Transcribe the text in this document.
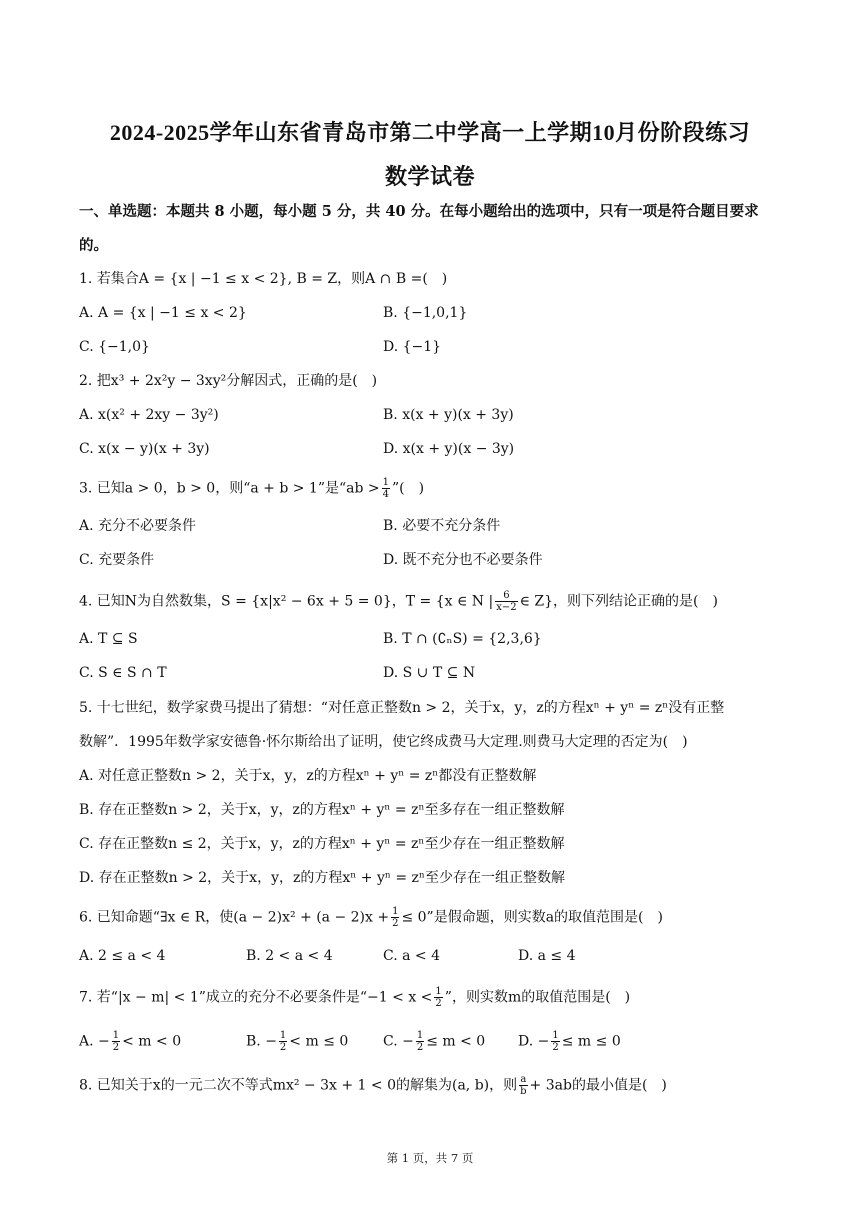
2024-2025学年山东省青岛市第二中学高一上学期10月份阶段练习
数学试卷
一、单选题：本题共 8 小题，每小题 5 分，共 40 分。在每小题给出的选项中，只有一项是符合题目要求
的。
1. 若集合A = {x | −1 ≤ x < 2}, B = Z，则A ∩ B =(　)
A. A = {x | −1 ≤ x < 2}	B. {−1,0,1}
C. {−1,0}	D. {−1}
2. 把x³ + 2x²y − 3xy²分解因式，正确的是(　)
A. x(x² + 2xy − 3y²)	B. x(x + y)(x + 3y)
C. x(x − y)(x + 3y)	D. x(x + y)(x − 3y)
3. 已知a > 0，b > 0，则“a + b > 1”是“ab > $\frac{1}{4}$ ”(　)
A. 充分不必要条件	B. 必要不充分条件
C. 充要条件	D. 既不充分也不必要条件
4. 已知N为自然数集，S = {x|x² − 6x + 5 = 0}，T = {x ∈ N | $\frac{6}{x-2}$ ∈ Z}，则下列结论正确的是(　)
A. T ⊆ S	B. T ∩ (∁ₙS) = {2,3,6}
C. S ∈ S ∩ T	D. S ∪ T ⊆ N
5. 十七世纪，数学家费马提出了猜想：“对任意正整数n > 2，关于x，y，z的方程xⁿ + yⁿ = zⁿ没有正整
数解”．1995年数学家安德鲁·怀尔斯给出了证明，使它终成费马大定理.则费马大定理的否定为(　)
A. 对任意正整数n > 2，关于x，y，z的方程xⁿ + yⁿ = zⁿ都没有正整数解
B. 存在正整数n > 2，关于x，y，z的方程xⁿ + yⁿ = zⁿ至多存在一组正整数解
C. 存在正整数n ≤ 2，关于x，y，z的方程xⁿ + yⁿ = zⁿ至少存在一组正整数解
D. 存在正整数n > 2，关于x，y，z的方程xⁿ + yⁿ = zⁿ至少存在一组正整数解
6. 已知命题“∃x ∈ R，使$(a - 2)x^2 + (a - 2)x + \frac{1}{2} \le 0$”是假命题，则实数a的取值范围是(　)
A. 2 ≤ a < 4	B. 2 < a < 4	C. a < 4	D. a ≤ 4
7. 若“|x − m| < 1”成立的充分不必要条件是“$-1 < x < \frac{1}{2}$ ”，则实数m的取值范围是(　)
A. − $\frac{1}{2} < m < 0$	B. − $\frac{1}{2} < m \le 0$ C. − $\frac{1}{2} \le m < 0$ D. − $\frac{1}{2} \le m \le 0$
8. 已知关于x的一元二次不等式mx² − 3x + 1 < 0的解集为(a, b)，则 $\frac{a}{b} + 3ab$的最小值是(　)
第 1 页，共 7 页
